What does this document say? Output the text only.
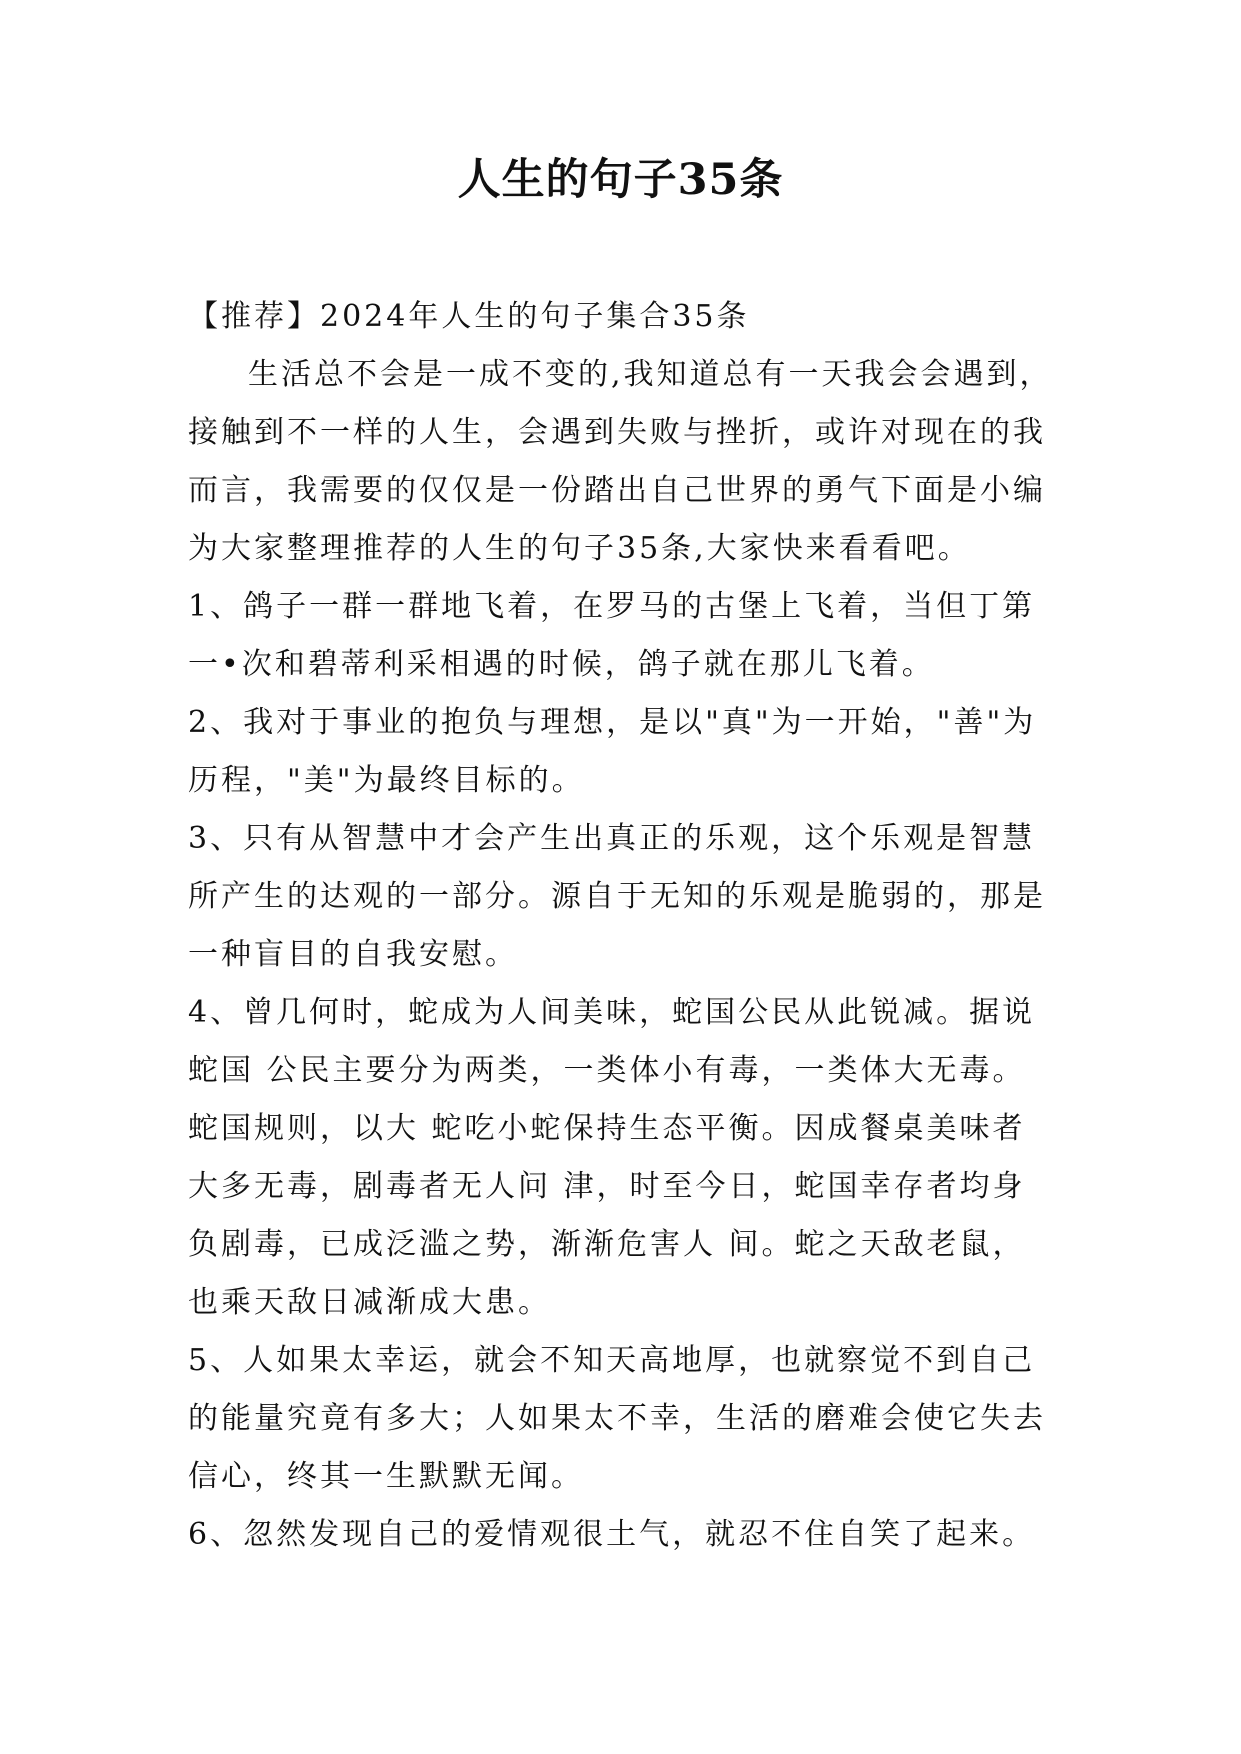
人生的句子35条

【推荐】2024年人生的句子集合35条

生活总不会是一成不变的,我知道总有一天我会会遇到，接触到不一样的人生，会遇到失败与挫折，或许对现在的我而言，我需要的仅仅是一份踏出自己世界的勇气下面是小编为大家整理推荐的人生的句子35条,大家快来看看吧。

1、鸽子一群一群地飞着，在罗马的古堡上飞着，当但丁第一•次和碧蒂利采相遇的时候，鸽子就在那儿飞着。

2、我对于事业的抱负与理想，是以"真"为一开始，"善"为历程，"美"为最终目标的。

3、只有从智慧中才会产生出真正的乐观，这个乐观是智慧所产生的达观的一部分。源自于无知的乐观是脆弱的，那是一种盲目的自我安慰。

4、曾几何时，蛇成为人间美味，蛇国公民从此锐减。据说蛇国 公民主要分为两类，一类体小有毒，一类体大无毒。蛇国规则，以大 蛇吃小蛇保持生态平衡。因成餐桌美味者大多无毒，剧毒者无人问 津，时至今日，蛇国幸存者均身负剧毒，已成泛滥之势，渐渐危害人 间。蛇之天敌老鼠，也乘天敌日减渐成大患。

5、人如果太幸运，就会不知天高地厚，也就察觉不到自己的能量究竟有多大；人如果太不幸，生活的磨难会使它失去信心，终其一生默默无闻。

6、忽然发现自己的爱情观很土气，就忍不住自笑了起来。
